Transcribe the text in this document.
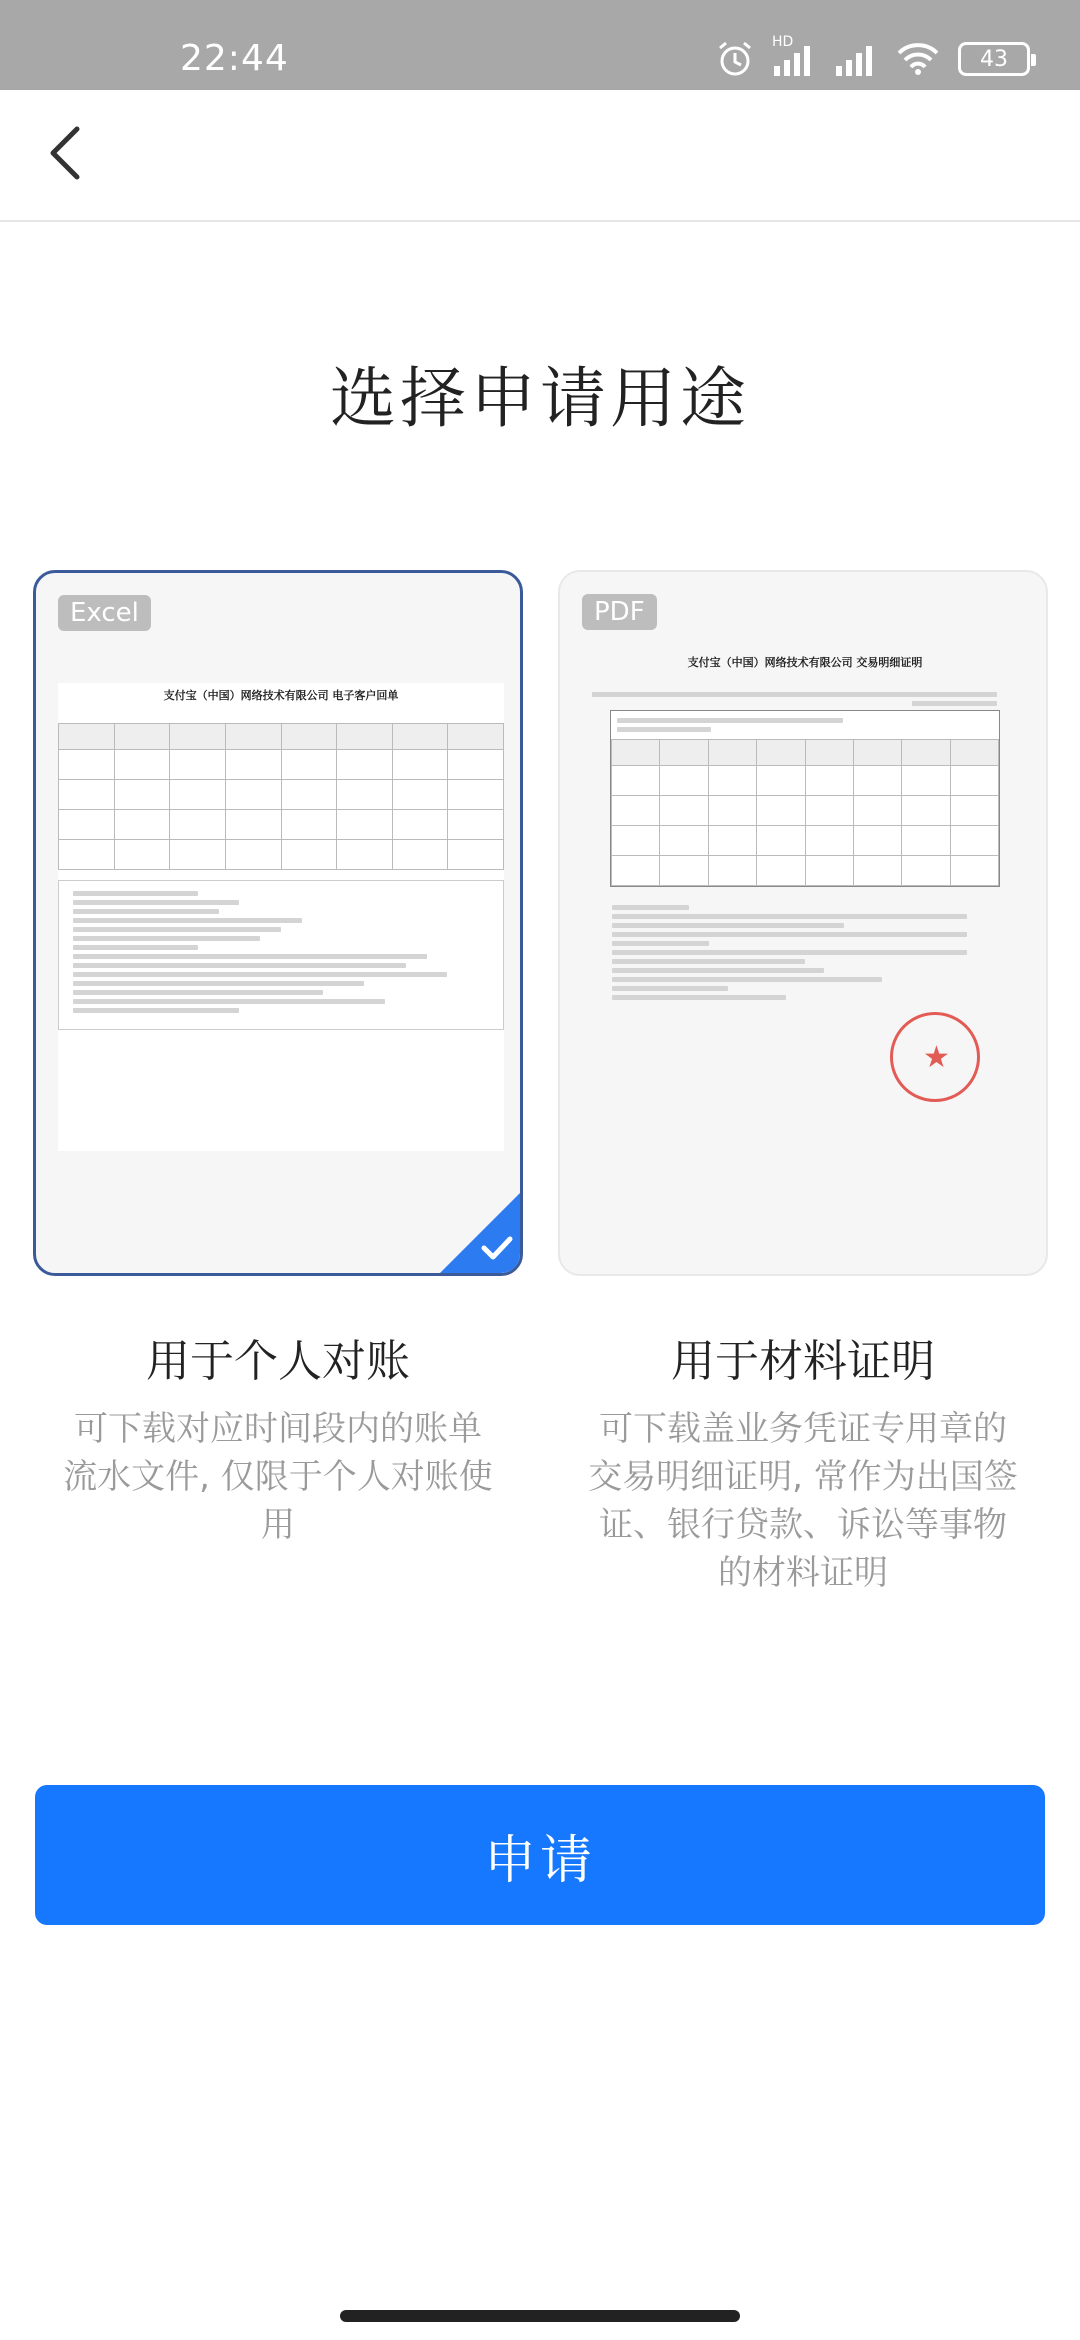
22:44	HD
43
选择申请用途
Excel
支付宝（中国）网络技术有限公司 电子客户回单

PDF
支付宝（中国）网络技术有限公司 交易明细证明

★
用于个人对账	用于材料证明
可下载对应时间段内的账单流水文件, 仅限于个人对账使用
可下载盖业务凭证专用章的交易明细证明, 常作为出国签证、银行贷款、诉讼等事物的材料证明
申请
